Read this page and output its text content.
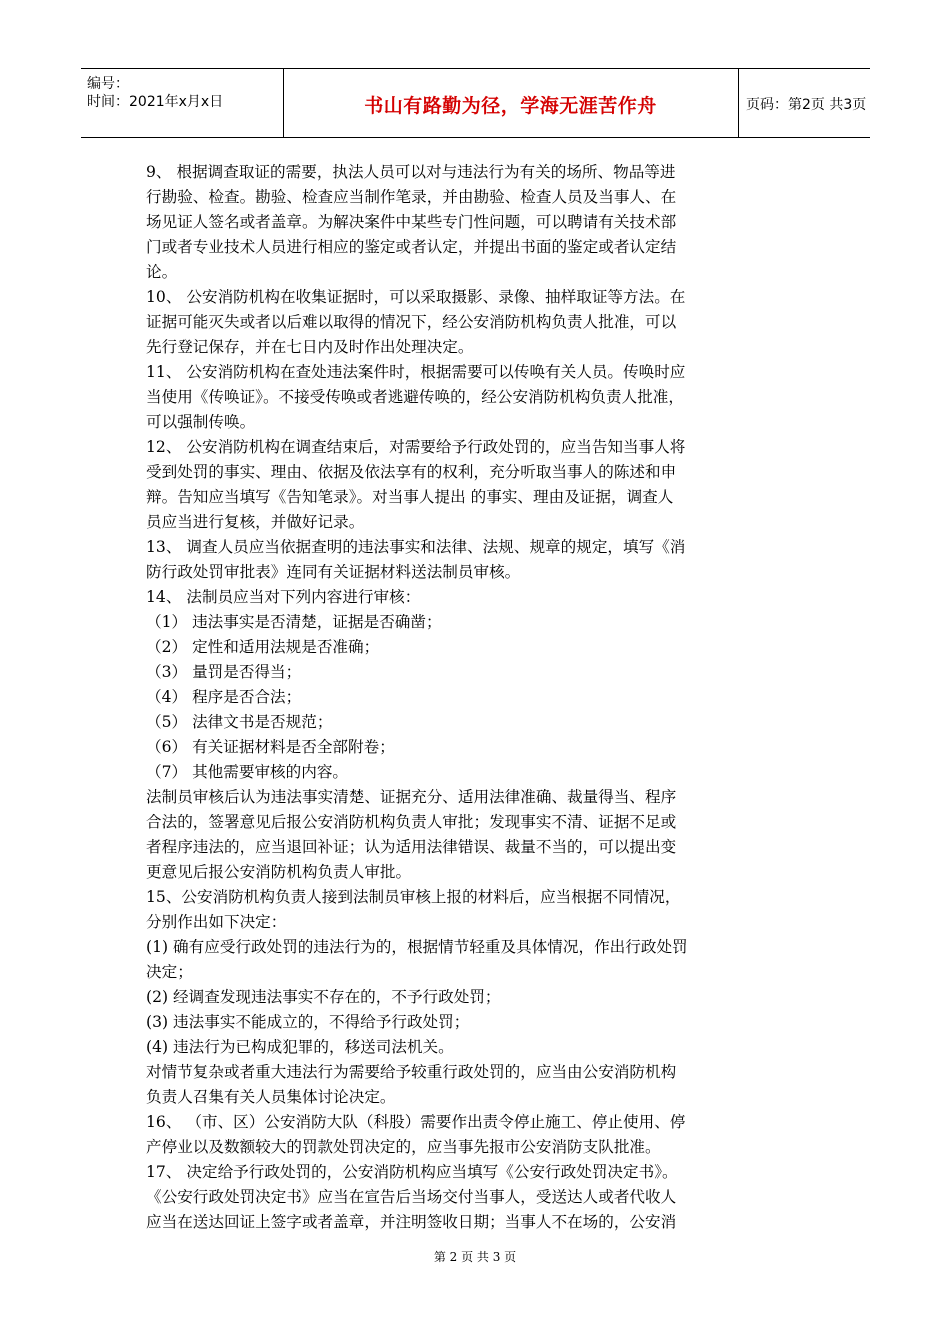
编号：
时间：2021年x月x日	书山有路勤为径，学海无涯苦作舟	页码：第2页 共3页
9、 根据调查取证的需要，执法人员可以对与违法行为有关的场所、物品等进
行勘验、检查。勘验、检查应当制作笔录，并由勘验、检查人员及当事人、在
场见证人签名或者盖章。为解决案件中某些专门性问题，可以聘请有关技术部
门或者专业技术人员进行相应的鉴定或者认定，并提出书面的鉴定或者认定结
论。
10、 公安消防机构在收集证据时，可以采取摄影、录像、抽样取证等方法。在
证据可能灭失或者以后难以取得的情况下，经公安消防机构负责人批准，可以
先行登记保存，并在七日内及时作出处理决定。
11、 公安消防机构在查处违法案件时，根据需要可以传唤有关人员。传唤时应
当使用《传唤证》。不接受传唤或者逃避传唤的，经公安消防机构负责人批准，
可以强制传唤。
12、 公安消防机构在调查结束后，对需要给予行政处罚的，应当告知当事人将
受到处罚的事实、理由、依据及依法享有的权利，充分听取当事人的陈述和申
辩。告知应当填写《告知笔录》。对当事人提出 的事实、理由及证据，调查人
员应当进行复核，并做好记录。
13、 调查人员应当依据查明的违法事实和法律、法规、规章的规定，填写《消
防行政处罚审批表》连同有关证据材料送法制员审核。
14、 法制员应当对下列内容进行审核：
（1） 违法事实是否清楚，证据是否确凿；
（2） 定性和适用法规是否准确；
（3） 量罚是否得当；
（4） 程序是否合法；
（5） 法律文书是否规范；
（6） 有关证据材料是否全部附卷；
（7） 其他需要审核的内容。
法制员审核后认为违法事实清楚、证据充分、适用法律准确、裁量得当、程序
合法的，签署意见后报公安消防机构负责人审批；发现事实不清、证据不足或
者程序违法的，应当退回补证；认为适用法律错误、裁量不当的，可以提出变
更意见后报公安消防机构负责人审批。
15、公安消防机构负责人接到法制员审核上报的材料后，应当根据不同情况，
分别作出如下决定：
(1) 确有应受行政处罚的违法行为的，根据情节轻重及具体情况，作出行政处罚
决定；
(2) 经调查发现违法事实不存在的，不予行政处罚；
(3) 违法事实不能成立的，不得给予行政处罚；
(4) 违法行为已构成犯罪的，移送司法机关。
对情节复杂或者重大违法行为需要给予较重行政处罚的，应当由公安消防机构
负责人召集有关人员集体讨论决定。
16、 （市、区）公安消防大队（科股）需要作出责令停止施工、停止使用、停
产停业以及数额较大的罚款处罚决定的，应当事先报市公安消防支队批准。
17、 决定给予行政处罚的，公安消防机构应当填写《公安行政处罚决定书》。
《公安行政处罚决定书》应当在宣告后当场交付当事人，受送达人或者代收人
应当在送达回证上签字或者盖章，并注明签收日期；当事人不在场的，公安消
第 2 页 共 3 页
